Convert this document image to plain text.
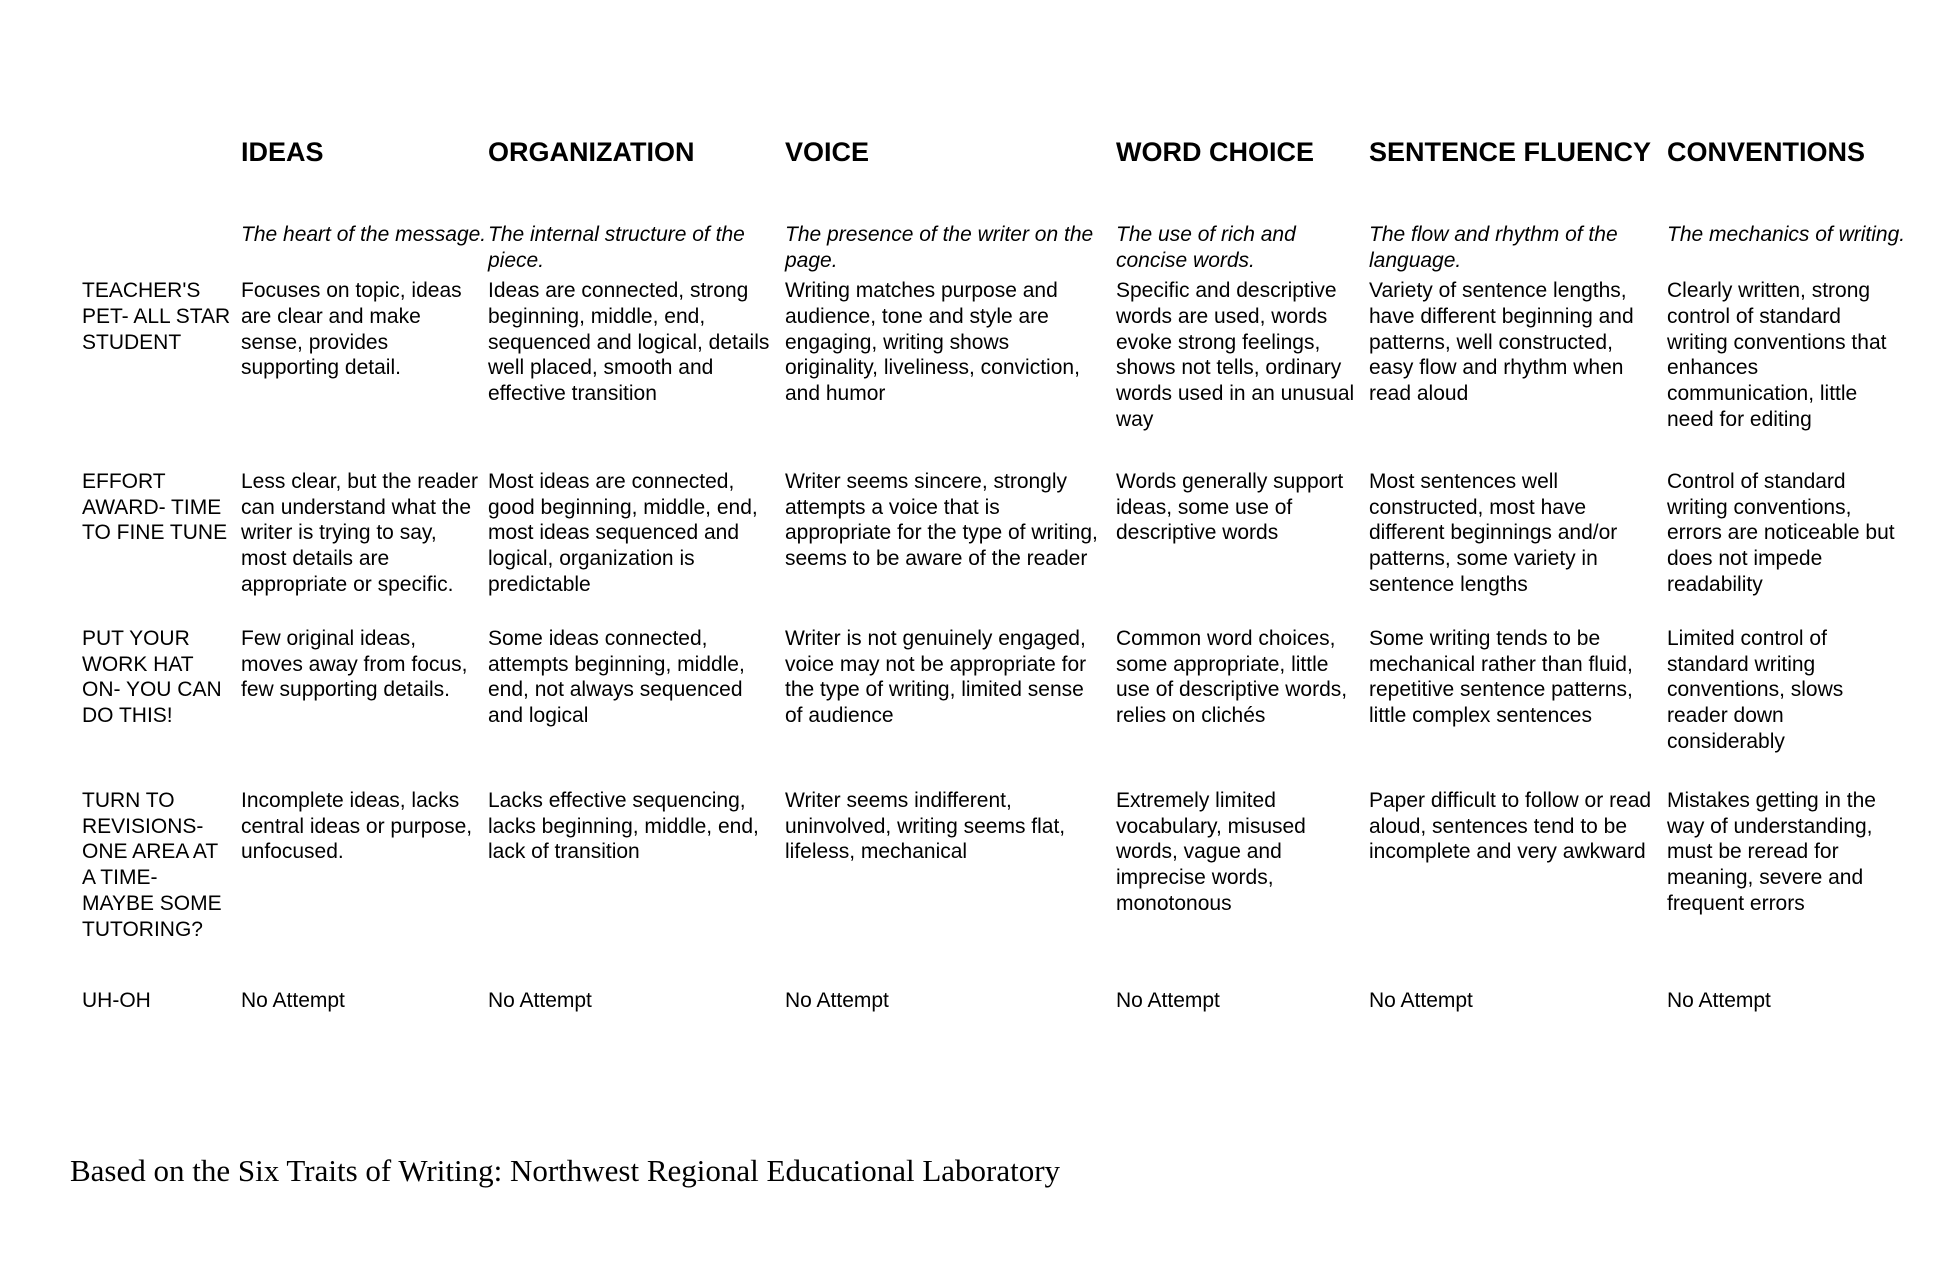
	IDEAS	ORGANIZATION	VOICE	WORD CHOICE	SENTENCE FLUENCY	CONVENTIONS
	The heart of the message.	The internal structure of the piece.	The presence of the writer on the page.	The use of rich and concise words.	The flow and rhythm of the language.	The mechanics of writing.
TEACHER'S PET- ALL STAR STUDENT	Focuses on topic, ideas are clear and make sense, provides supporting detail.	Ideas are connected, strong beginning, middle, end, sequenced and logical, details well placed, smooth and effective transition	Writing matches purpose and audience, tone and style are engaging, writing shows originality, liveliness, conviction, and humor	Specific and descriptive words are used, words evoke strong feelings, shows not tells, ordinary words used in an unusual way	Variety of sentence lengths, have different beginning and patterns, well constructed, easy flow and rhythm when read aloud	Clearly written, strong control of standard writing conventions that enhances communication, little need for editing
EFFORT AWARD- TIME TO FINE TUNE	Less clear, but the reader can understand what the writer is trying to say, most details are appropriate or specific.	Most ideas are connected, good beginning, middle, end, most ideas sequenced and logical, organization is predictable	Writer seems sincere, strongly attempts a voice that is appropriate for the type of writing, seems to be aware of the reader	Words generally support ideas, some use of descriptive words	Most sentences well constructed, most have different beginnings and/or patterns, some variety in sentence lengths	Control of standard writing conventions, errors are noticeable but does not impede readability
PUT YOUR WORK HAT ON- YOU CAN DO THIS!	Few original ideas, moves away from focus, few supporting details.	Some ideas connected, attempts beginning, middle, end, not always sequenced and logical	Writer is not genuinely engaged, voice may not be appropriate for the type of writing, limited sense of audience	Common word choices, some appropriate, little use of descriptive words, relies on clichés	Some writing tends to be mechanical rather than fluid, repetitive sentence patterns, little complex sentences	Limited control of standard writing conventions, slows reader down considerably
TURN TO REVISIONS- ONE AREA AT A TIME- MAYBE SOME TUTORING?	Incomplete ideas, lacks central ideas or purpose, unfocused.	Lacks effective sequencing, lacks beginning, middle, end, lack of transition	Writer seems indifferent, uninvolved, writing seems flat, lifeless, mechanical	Extremely limited vocabulary, misused words, vague and imprecise words, monotonous	Paper difficult to follow or read aloud, sentences tend to be incomplete and very awkward	Mistakes getting in the way of understanding, must be reread for meaning, severe and frequent errors
UH-OH	No Attempt	No Attempt	No Attempt	No Attempt	No Attempt	No Attempt
Based on the Six Traits of Writing: Northwest Regional Educational Laboratory
